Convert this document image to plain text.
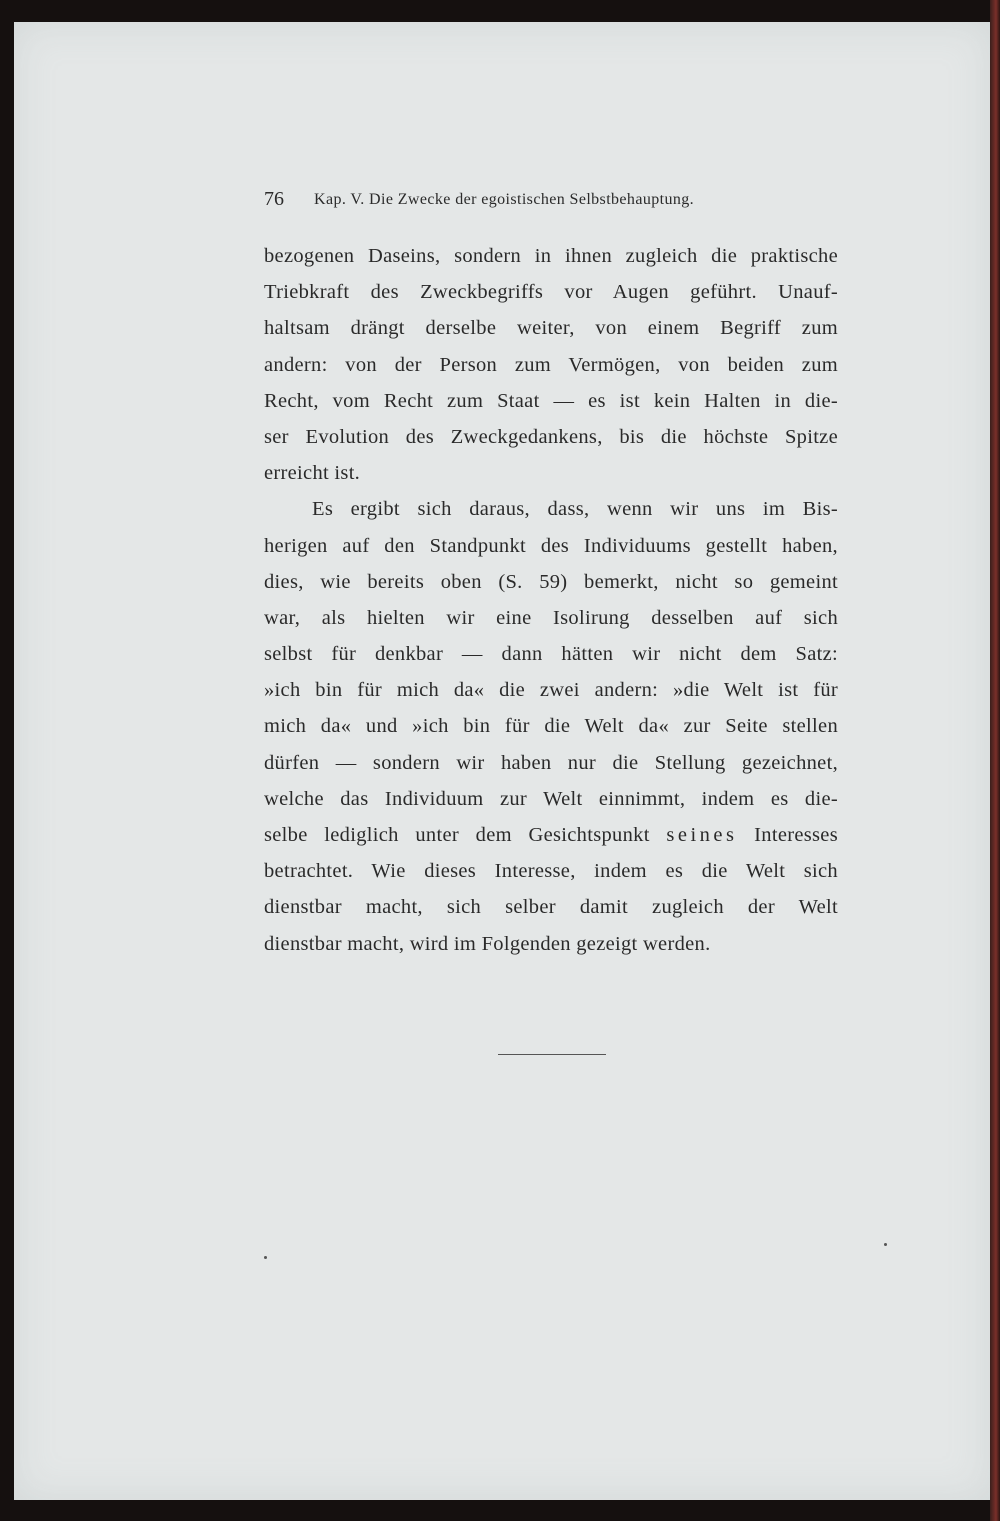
76 Kap. V. Die Zwecke der egoistischen Selbstbehauptung.
bezogenen Daseins, sondern in ihnen zugleich die praktische
Triebkraft des Zweckbegriffs vor Augen geführt. Unauf-
haltsam drängt derselbe weiter, von einem Begriff zum
andern: von der Person zum Vermögen, von beiden zum
Recht, vom Recht zum Staat — es ist kein Halten in die-
ser Evolution des Zweckgedankens, bis die höchste Spitze
erreicht ist.
Es ergibt sich daraus, dass, wenn wir uns im Bis-
herigen auf den Standpunkt des Individuums gestellt haben,
dies, wie bereits oben (S. 59) bemerkt, nicht so gemeint
war, als hielten wir eine Isolirung desselben auf sich
selbst für denkbar — dann hätten wir nicht dem Satz:
»ich bin für mich da« die zwei andern: »die Welt ist für
mich da« und »ich bin für die Welt da« zur Seite stellen
dürfen — sondern wir haben nur die Stellung gezeichnet,
welche das Individuum zur Welt einnimmt, indem es die-
selbe lediglich unter dem Gesichtspunkt seines Interesses
betrachtet. Wie dieses Interesse, indem es die Welt sich
dienstbar macht, sich selber damit zugleich der Welt
dienstbar macht, wird im Folgenden gezeigt werden.
